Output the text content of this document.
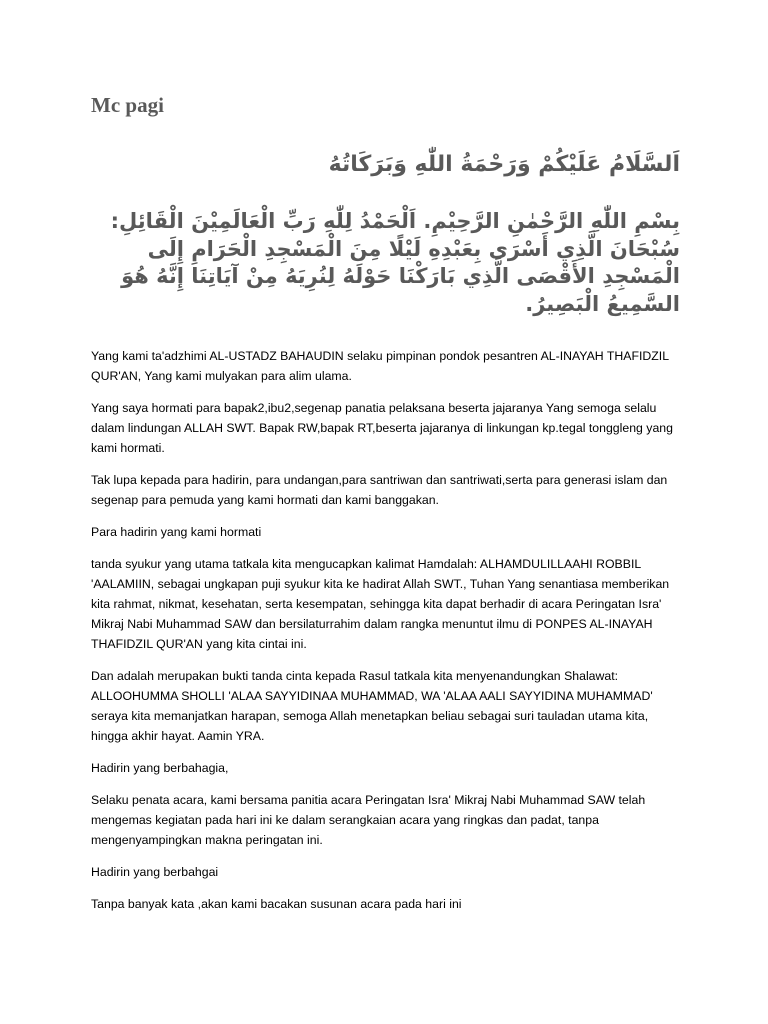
Mc pagi

اَلسَّلَامُ عَلَيْكُمْ وَرَحْمَةُ اللّٰهِ وَبَرَكَاتُهُ

بِسْمِ اللّٰهِ الرَّحْمٰنِ الرَّحِيْمِ. اَلْحَمْدُ لِلّٰهِ رَبِّ الْعَالَمِيْنَ الْقَائِلِ: سُبْحَانَ الَّذِي أَسْرَى بِعَبْدِهِ لَيْلًا مِنَ الْمَسْجِدِ الْحَرَامِ إِلَى الْمَسْجِدِ الأَقْصَى الَّذِي بَارَكْنَا حَوْلَهُ لِنُرِيَهُ مِنْ آيَاتِنَا إِنَّهُ هُوَ السَّمِيعُ الْبَصِيرُ.

Yang kami ta'adzhimi AL-USTADZ BAHAUDIN selaku pimpinan pondok pesantren AL-INAYAH THAFIDZIL QUR'AN, Yang kami mulyakan para alim ulama.

Yang saya hormati para bapak2,ibu2,segenap panatia pelaksana beserta jajaranya Yang semoga selalu dalam lindungan ALLAH SWT. Bapak RW,bapak RT,beserta jajaranya di linkungan kp.tegal tonggleng yang kami hormati.

Tak lupa kepada para hadirin, para undangan,para santriwan dan santriwati,serta para generasi islam dan segenap para pemuda yang kami hormati dan kami banggakan.

Para hadirin yang kami hormati

tanda syukur yang utama tatkala kita mengucapkan kalimat Hamdalah: ALHAMDULILLAAHI ROBBIL 'AALAMIIN, sebagai ungkapan puji syukur kita ke hadirat Allah SWT., Tuhan Yang senantiasa memberikan kita rahmat, nikmat, kesehatan, serta kesempatan, sehingga kita dapat berhadir di acara Peringatan Isra' Mikraj Nabi Muhammad SAW dan bersilaturrahim dalam rangka menuntut ilmu di PONPES AL-INAYAH THAFIDZIL QUR'AN yang kita cintai ini.

Dan adalah merupakan bukti tanda cinta kepada Rasul tatkala kita menyenandungkan Shalawat: ALLOOHUMMA SHOLLI 'ALAA SAYYIDINAA MUHAMMAD, WA 'ALAA AALI SAYYIDINA MUHAMMAD' seraya kita memanjatkan harapan, semoga Allah menetapkan beliau sebagai suri tauladan utama kita, hingga akhir hayat. Aamin YRA.

Hadirin yang berbahagia,

Selaku penata acara, kami bersama panitia acara Peringatan Isra' Mikraj Nabi Muhammad SAW telah mengemas kegiatan pada hari ini ke dalam serangkaian acara yang ringkas dan padat, tanpa mengenyampingkan makna peringatan ini.

Hadirin yang berbahgai

Tanpa banyak kata ,akan kami bacakan susunan acara pada hari ini
